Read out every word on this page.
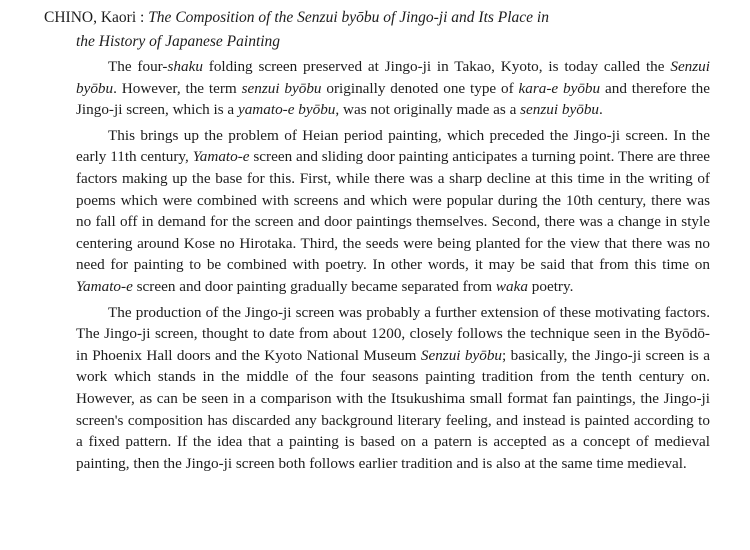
CHINO, Kaori : The Composition of the Senzui byōbu of Jingo-ji and Its Place in
the History of Japanese Painting

The four-shaku folding screen preserved at Jingo-ji in Takao, Kyoto, is today called the Senzui byōbu. However, the term senzui byōbu originally denoted one type of kara-e byōbu and therefore the Jingo-ji screen, which is a yamato-e byōbu, was not originally made as a senzui byōbu.

This brings up the problem of Heian period painting, which preceded the Jingo-ji screen. In the early 11th century, Yamato-e screen and sliding door painting anticipates a turning point. There are three factors making up the base for this. First, while there was a sharp decline at this time in the writing of poems which were combined with screens and which were popular during the 10th century, there was no fall off in demand for the screen and door paintings themselves. Second, there was a change in style centering around Kose no Hirotaka. Third, the seeds were being planted for the view that there was no need for painting to be combined with poetry. In other words, it may be said that from this time on Yamato-e screen and door painting gradually became separated from waka poetry.

The production of the Jingo-ji screen was probably a further extension of these motivating factors. The Jingo-ji screen, thought to date from about 1200, closely follows the technique seen in the Byōdō-in Phoenix Hall doors and the Kyoto National Museum Senzui byōbu; basically, the Jingo-ji screen is a work which stands in the middle of the four seasons painting tradition from the tenth century on. However, as can be seen in a comparison with the Itsukushima small format fan paintings, the Jingo-ji screen's composition has discarded any background literary feeling, and instead is painted according to a fixed pattern. If the idea that a painting is based on a patern is accepted as a concept of medieval painting, then the Jingo-ji screen both follows earlier tradition and is also at the same time medieval.
